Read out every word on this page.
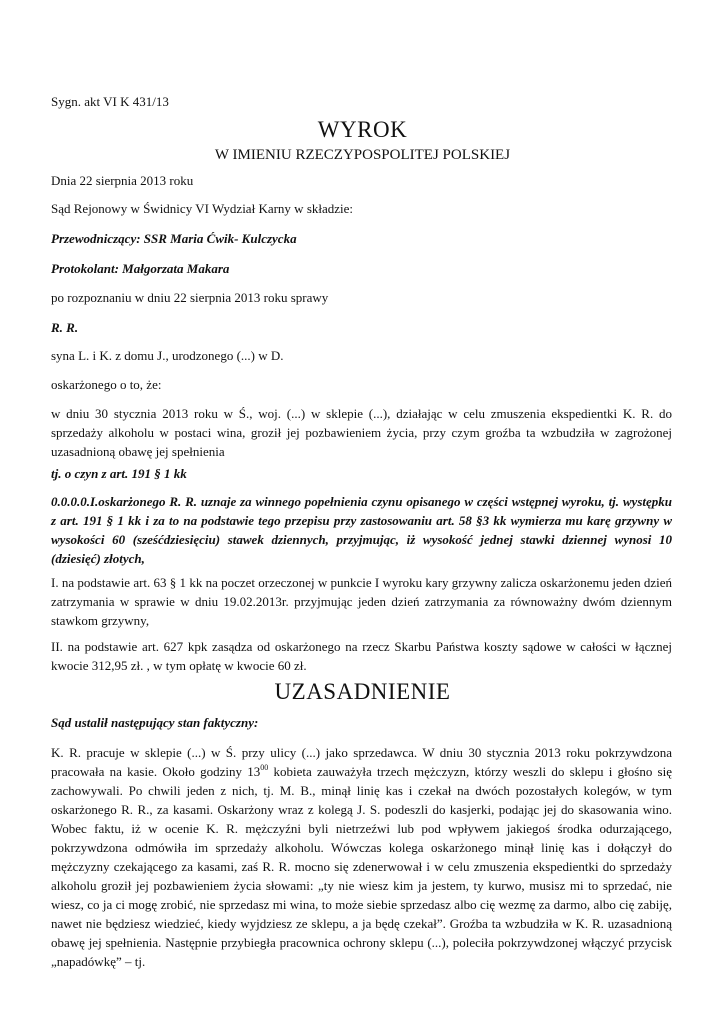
Sygn. akt VI K 431/13

WYROK

W IMIENIU RZECZYPOSPOLITEJ POLSKIEJ

Dnia 22 sierpnia 2013 roku

Sąd Rejonowy w Świdnicy VI Wydział Karny w składzie:

Przewodniczący: SSR Maria Ćwik- Kulczycka

Protokolant: Małgorzata Makara

po rozpoznaniu w dniu 22 sierpnia 2013 roku sprawy

R. R.

syna L. i K. z domu J., urodzonego (...) w D.

oskarżonego o to, że:

w dniu 30 stycznia 2013 roku w Ś., woj. (...) w sklepie (...), działając w celu zmuszenia ekspedientki K. R. do sprzedaży alkoholu w postaci wina, groził jej pozbawieniem życia, przy czym groźba ta wzbudziła w zagrożonej uzasadnioną obawę jej spełnienia

tj. o czyn z art. 191 § 1 kk

0.0.0.0.I.oskarżonego R. R. uznaje za winnego popełnienia czynu opisanego w części wstępnej wyroku, tj. występku z art. 191 § 1 kk i za to na podstawie tego przepisu przy zastosowaniu art. 58 §3 kk wymierza mu karę grzywny w wysokości 60 (sześćdziesięciu) stawek dziennych, przyjmując, iż wysokość jednej stawki dziennej wynosi 10 (dziesięć) złotych,

I. na podstawie art. 63 § 1 kk na poczet orzeczonej w punkcie I wyroku kary grzywny zalicza oskarżonemu jeden dzień zatrzymania w sprawie w dniu 19.02.2013r. przyjmując jeden dzień zatrzymania za równoważny dwóm dziennym stawkom grzywny,

II. na podstawie art. 627 kpk zasądza od oskarżonego na rzecz Skarbu Państwa koszty sądowe w całości w łącznej kwocie 312,95 zł. , w tym opłatę w kwocie 60 zł.

UZASADNIENIE

Sąd ustalił następujący stan faktyczny:

K. R. pracuje w sklepie (...) w Ś. przy ulicy (...) jako sprzedawca. W dniu 30 stycznia 2013 roku pokrzywdzona pracowała na kasie. Około godziny $13^{00}$ kobieta zauważyła trzech mężczyzn, którzy weszli do sklepu i głośno się zachowywali. Po chwili jeden z nich, tj. M. B., minął linię kas i czekał na dwóch pozostałych kolegów, w tym oskarżonego R. R., za kasami. Oskarżony wraz z kolegą J. S. podeszli do kasjerki, podając jej do skasowania wino. Wobec faktu, iż w ocenie K. R. mężczyźni byli nietrzeźwi lub pod wpływem jakiegoś środka odurzającego, pokrzywdzona odmówiła im sprzedaży alkoholu. Wówczas kolega oskarżonego minął linię kas i dołączył do mężczyzny czekającego za kasami, zaś R. R. mocno się zdenerwował i w celu zmuszenia ekspedientki do sprzedaży alkoholu groził jej pozbawieniem życia słowami: „ty nie wiesz kim ja jestem, ty kurwo, musisz mi to sprzedać, nie wiesz, co ja ci mogę zrobić, nie sprzedasz mi wina, to może siebie sprzedasz albo cię wezmę za darmo, albo cię zabiję, nawet nie będziesz wiedzieć, kiedy wyjdziesz ze sklepu, a ja będę czekał”. Groźba ta wzbudziła w K. R. uzasadnioną obawę jej spełnienia. Następnie przybiegła pracownica ochrony sklepu (...), poleciła pokrzywdzonej włączyć przycisk „napadówkę” – tj.
